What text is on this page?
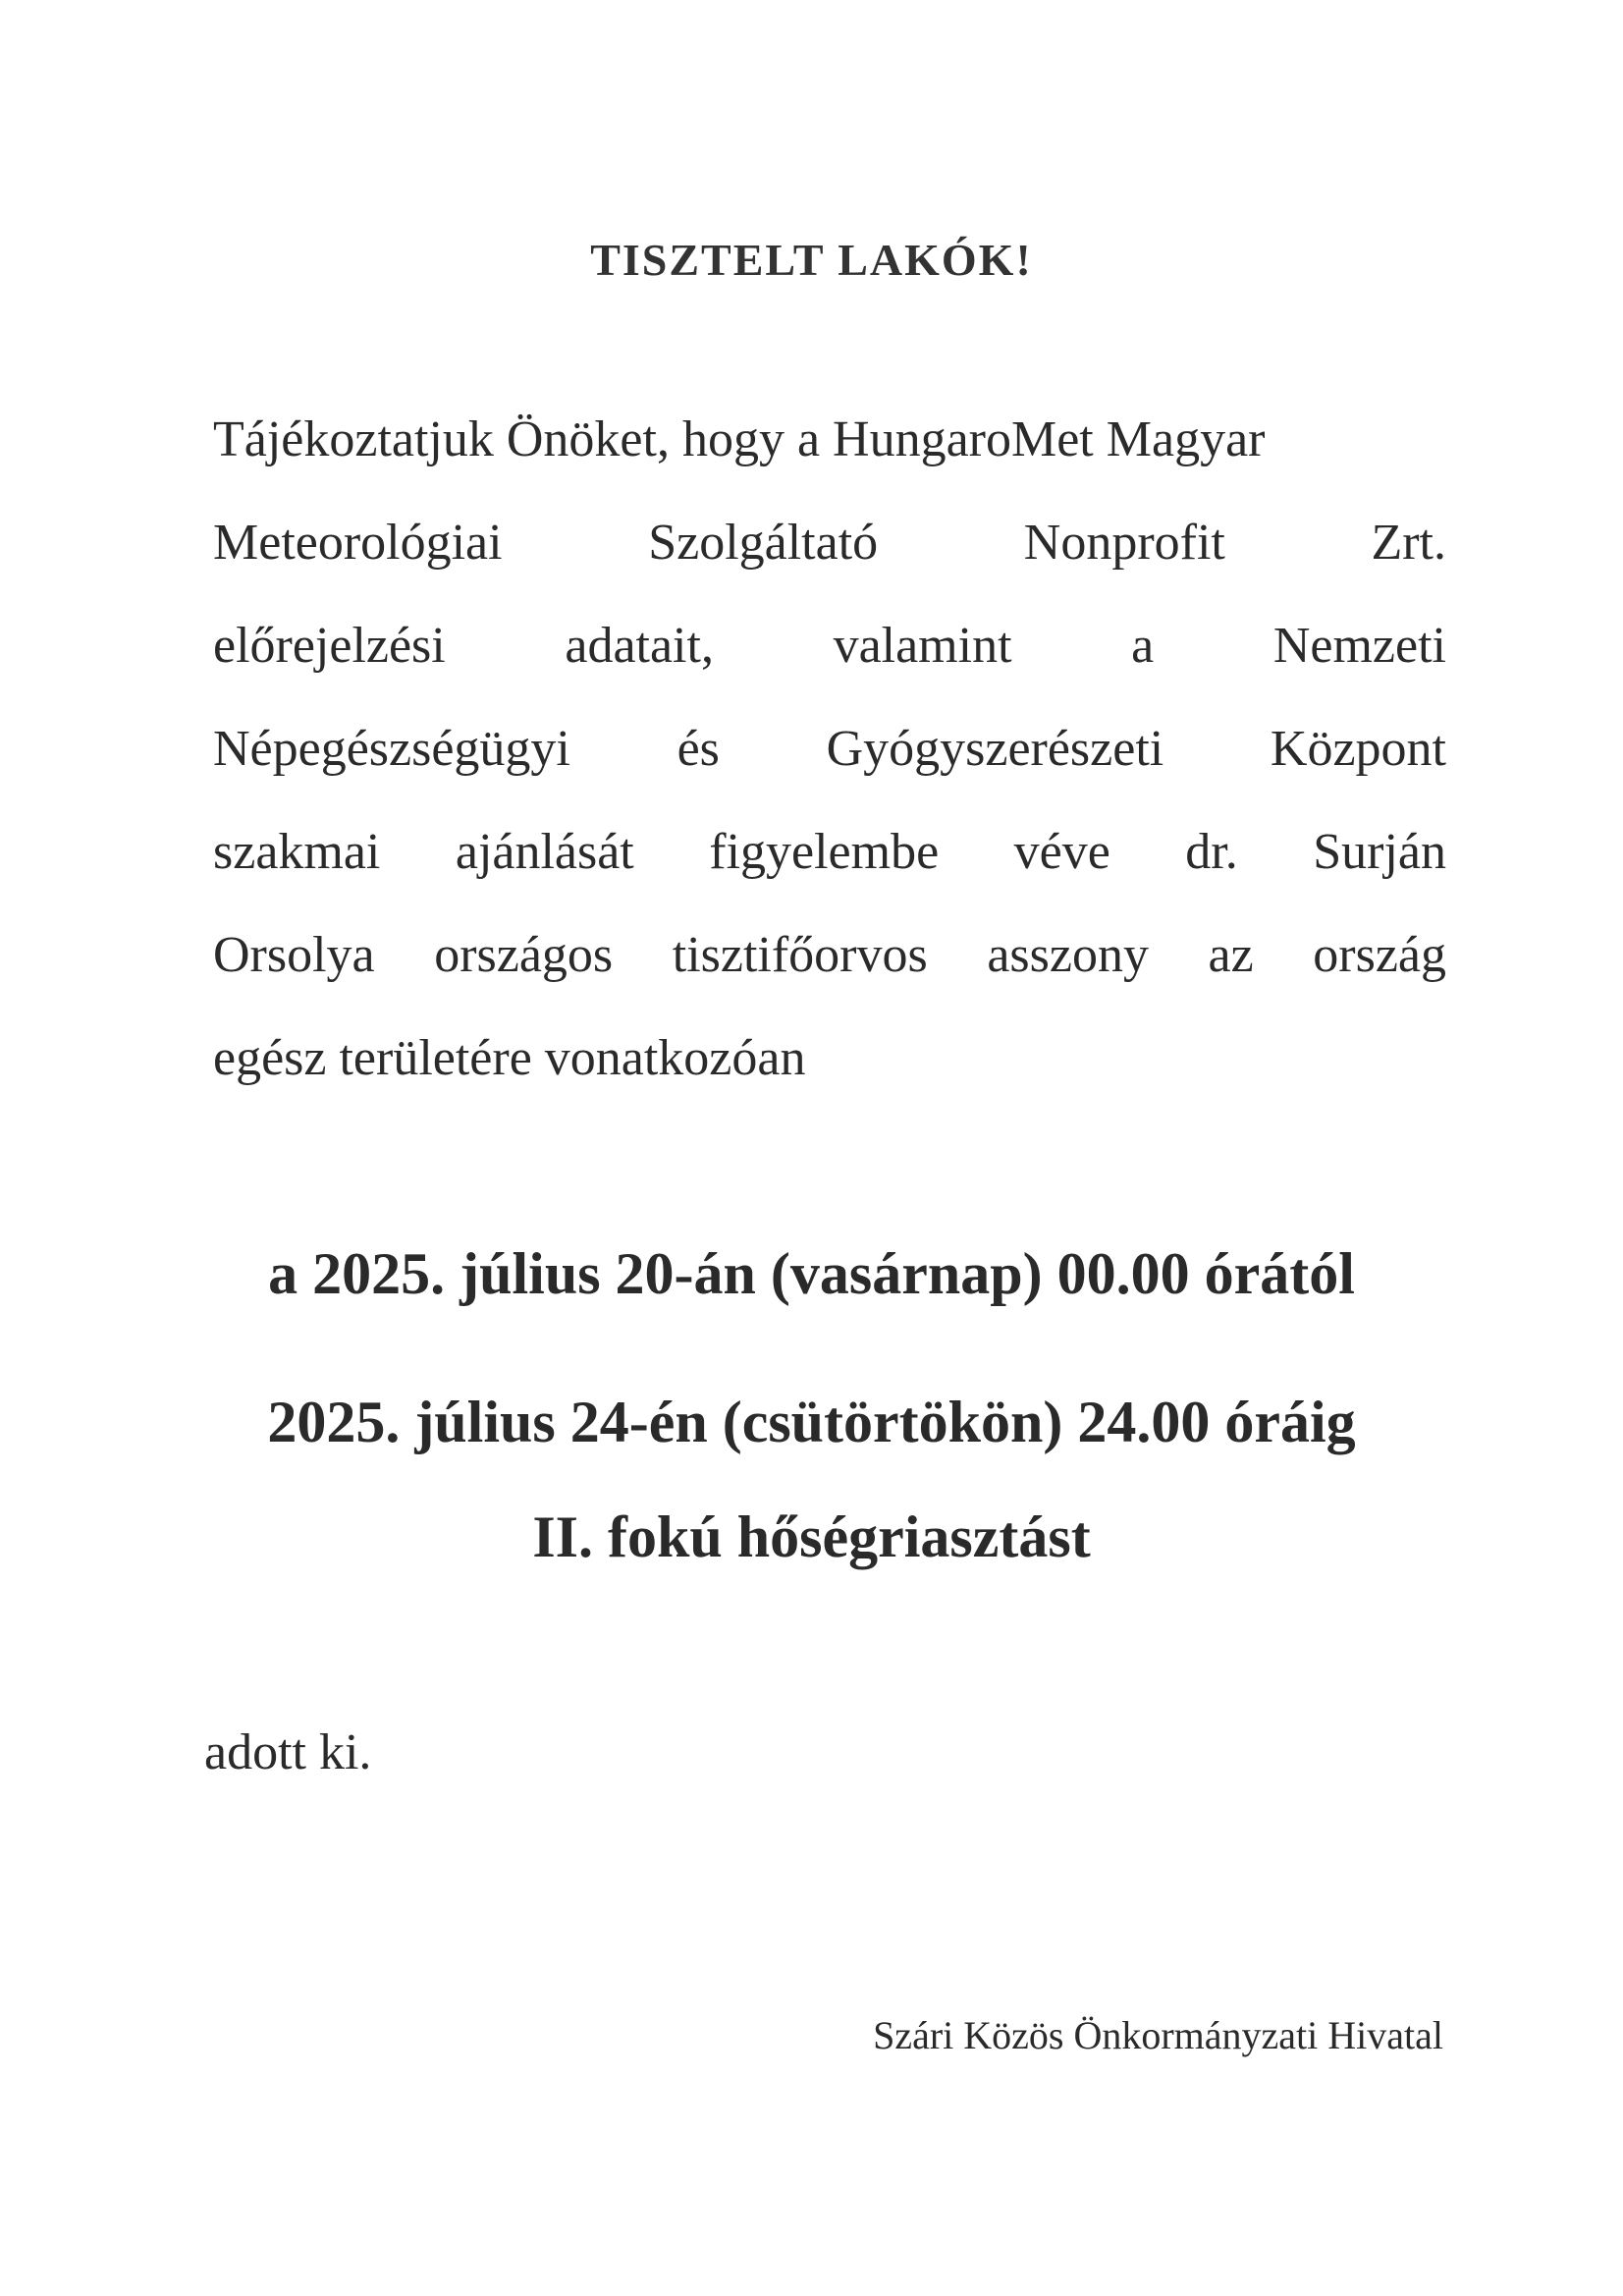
TISZTELT LAKÓK!
Tájékoztatjuk Önöket, hogy a HungaroMet Magyar
Meteorológiai	Szolgáltató	Nonprofit	Zrt.
előrejelzési adatait, valamint a Nemzeti
Népegészségügyi és Gyógyszerészeti Központ
szakmai ajánlását figyelembe véve dr. Surján
Orsolya országos tisztifőorvos asszony az ország
egész területére vonatkozóan
a 2025. július 20-án (vasárnap) 00.00 órától
2025. július 24-én (csütörtökön) 24.00 óráig
II. fokú hőségriasztást
adott ki.
Szári Közös Önkormányzati Hivatal
